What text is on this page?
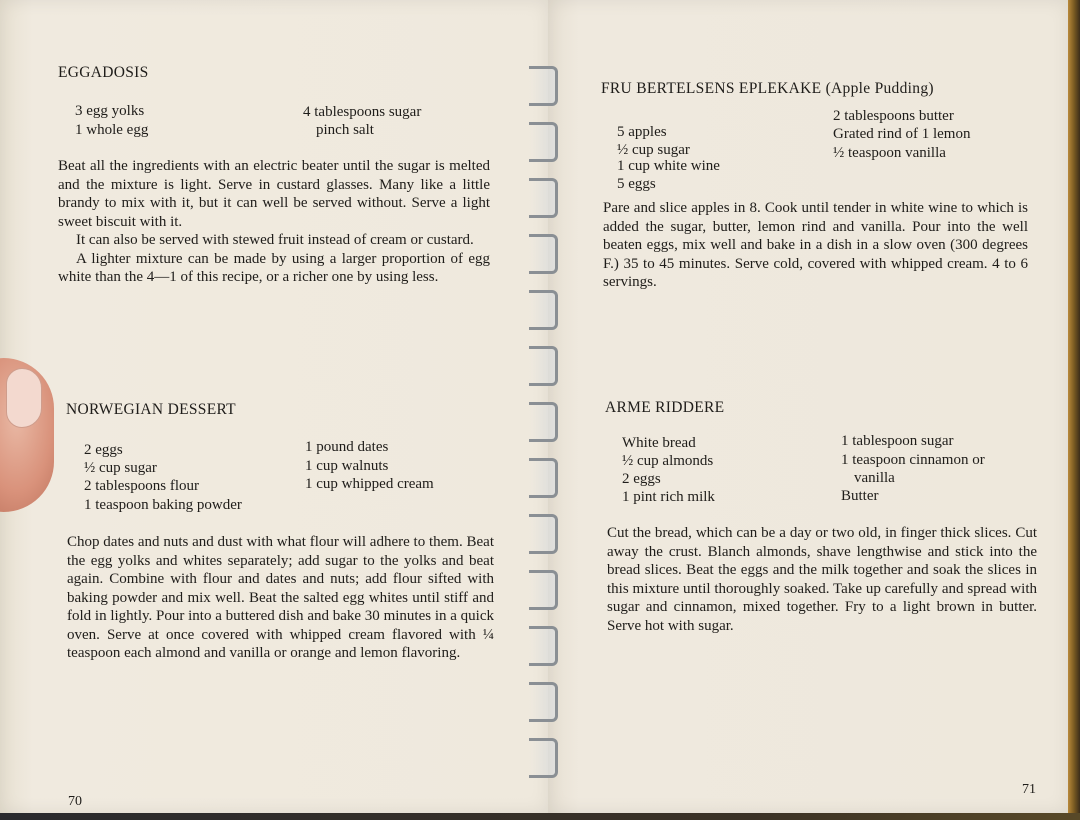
EGGADOSIS
3 egg yolks
1 whole egg
4 tablespoons sugar
pinch salt

Beat all the ingredients with an electric beater until the sugar is melted and the mixture is light. Serve in custard glasses. Many like a little brandy to mix with it, but it can well be served without. Serve a light sweet biscuit with it.

It can also be served with stewed fruit instead of cream or custard.

A lighter mixture can be made by using a larger proportion of egg white than the 4—1 of this recipe, or a richer one by using less.

NORWEGIAN DESSERT
2 eggs
½ cup sugar
2 tablespoons flour
1 teaspoon baking powder
1 pound dates
1 cup walnuts
1 cup whipped cream

Chop dates and nuts and dust with what flour will adhere to them. Beat the egg yolks and whites separately; add sugar to the yolks and beat again. Combine with flour and dates and nuts; add flour sifted with baking powder and mix well. Beat the salted egg whites until stiff and fold in lightly. Pour into a buttered dish and bake 30 minutes in a quick oven. Serve at once covered with whipped cream flavored with ¼ teaspoon each almond and vanilla or orange and lemon flavoring.

70
FRU BERTELSENS EPLEKAKE (Apple Pudding)
5 apples
½ cup sugar
1 cup white wine
5 eggs
2 tablespoons butter
Grated rind of 1 lemon
½ teaspoon vanilla

Pare and slice apples in 8. Cook until tender in white wine to which is added the sugar, butter, lemon rind and vanilla. Pour into the well beaten eggs, mix well and bake in a dish in a slow oven (300 degrees F.) 35 to 45 minutes. Serve cold, covered with whipped cream. 4 to 6 servings.

ARME RIDDERE
White bread
½ cup almonds
2 eggs
1 pint rich milk
1 tablespoon sugar
1 teaspoon cinnamon or
vanilla
Butter

Cut the bread, which can be a day or two old, in finger thick slices. Cut away the crust. Blanch almonds, shave lengthwise and stick into the bread slices. Beat the eggs and the milk together and soak the slices in this mixture until thoroughly soaked. Take up carefully and spread with sugar and cinnamon, mixed together. Fry to a light brown in butter. Serve hot with sugar.

71
